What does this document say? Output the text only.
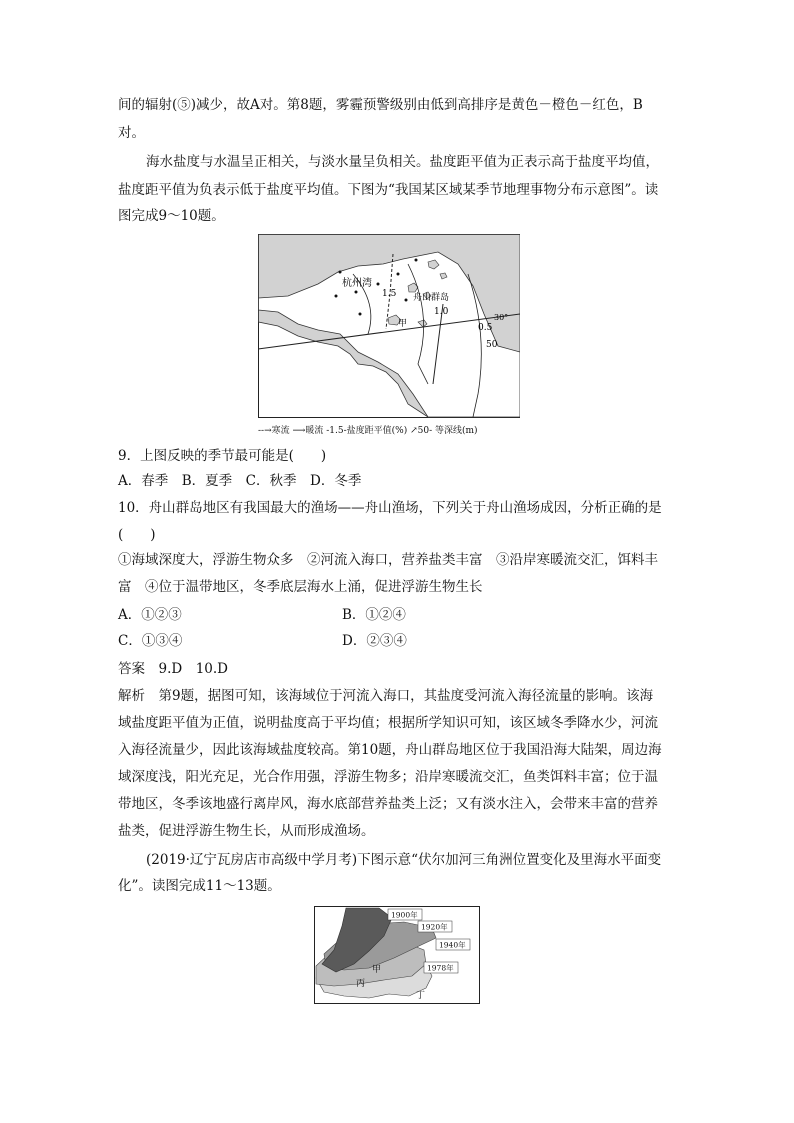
间的辐射(⑤)减少，故A对。第8题，雾霾预警级别由低到高排序是黄色－橙色－红色，B
对。
海水盐度与水温呈正相关，与淡水量呈负相关。盐度距平值为正表示高于盐度平均值，
盐度距平值为负表示低于盐度平均值。下图为“我国某区域某季节地理事物分布示意图”。读
图完成9～10题。
杭州湾
舟山群岛
甲
1.5
1.0
0.5
50
30°
--→寒流 ⟶暖流 -1.5-盐度距平值(%) ↗50- 等深线(m)
9．上图反映的季节最可能是(　　)
A．春季　B．夏季　C．秋季　D．冬季
10．舟山群岛地区有我国最大的渔场——舟山渔场，下列关于舟山渔场成因，分析正确的是
(　　)
①海域深度大，浮游生物众多　②河流入海口，营养盐类丰富　③沿岸寒暖流交汇，饵料丰
富　④位于温带地区，冬季底层海水上涌，促进浮游生物生长
A．①②③	B．①②④
C．①③④	D．②③④
答案　9.D　10.D
解析　第9题，据图可知，该海域位于河流入海口，其盐度受河流入海径流量的影响。该海
域盐度距平值为正值，说明盐度高于平均值；根据所学知识可知，该区域冬季降水少，河流
入海径流量少，因此该海域盐度较高。第10题，舟山群岛地区位于我国沿海大陆架，周边海
域深度浅，阳光充足，光合作用强，浮游生物多；沿岸寒暖流交汇，鱼类饵料丰富；位于温
带地区，冬季该地盛行离岸风，海水底部营养盐类上泛；又有淡水注入，会带来丰富的营养
盐类，促进浮游生物生长，从而形成渔场。
(2019·辽宁瓦房店市高级中学月考)下图示意“伏尔加河三角洲位置变化及里海水平面变
化”。读图完成11～13题。
1900年
1920年
1940年
1978年
甲
丙
丁
